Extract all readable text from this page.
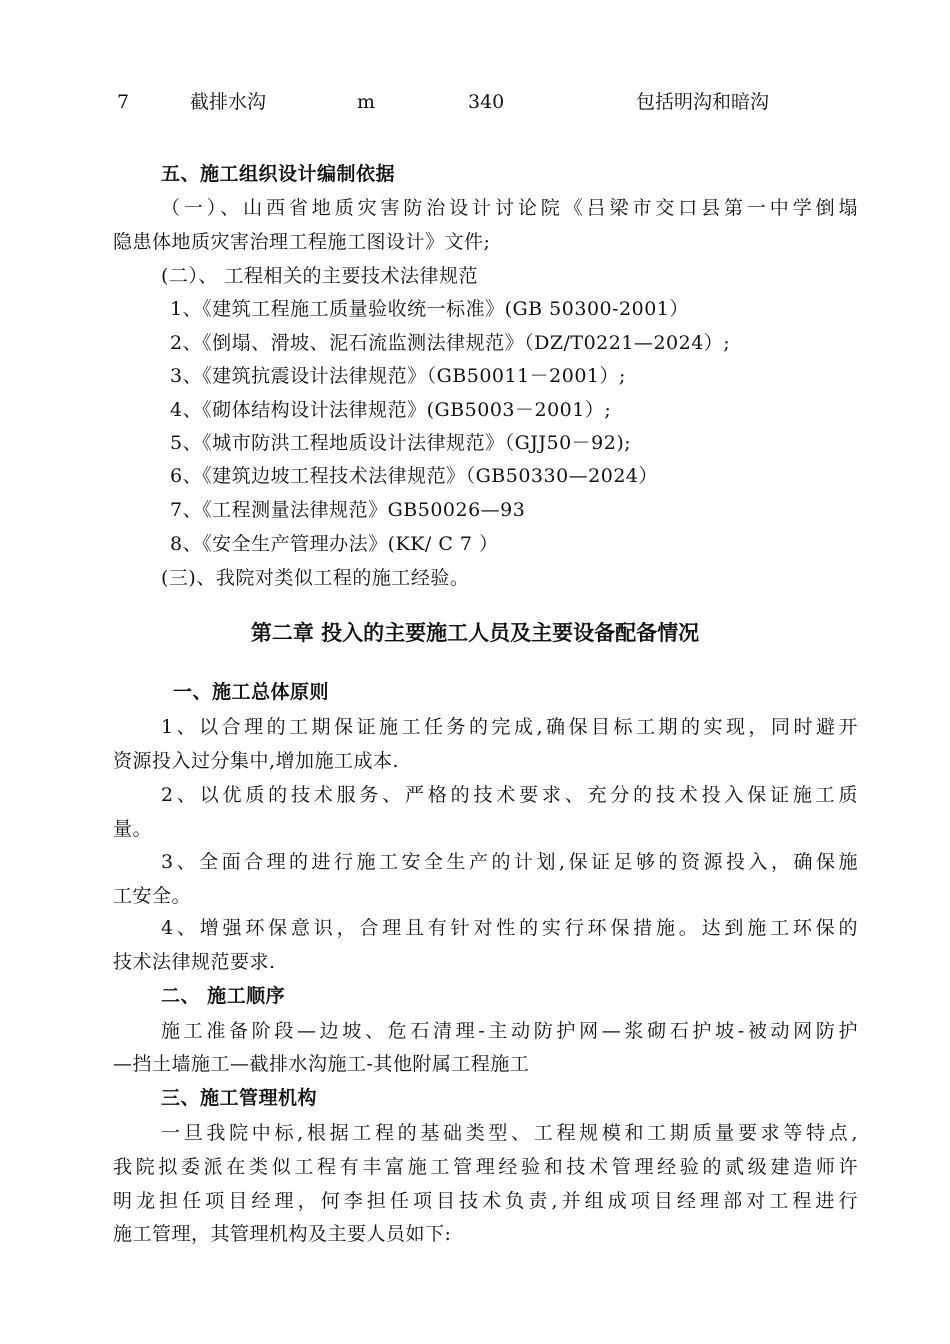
7	截排水沟	m	340	包括明沟和暗沟
五、施工组织设计编制依据
（一）、山西省地质灾害防治设计讨论院《吕梁市交口县第一中学倒塌
隐患体地质灾害治理工程施工图设计》文件;
(二）、 工程相关的主要技术法律规范
1、《建筑工程施工质量验收统一标准》(GB 50300-2001）
2、《倒塌、滑坡、泥石流监测法律规范》（DZ/T0221—2024）;
3、《建筑抗震设计法律规范》（GB50011－2001）;
4、《砌体结构设计法律规范》(GB5003－2001）;
5、《城市防洪工程地质设计法律规范》（GJJ50－92);
6、《建筑边坡工程技术法律规范》（GB50330—2024）
7、《工程测量法律规范》GB50026—93
8、《安全生产管理办法》(KK/ C 7 ）
(三)、我院对类似工程的施工经验。
第二章 投入的主要施工人员及主要设备配备情况
一、施工总体原则
1、以合理的工期保证施工任务的完成,确保目标工期的实现，同时避开
资源投入过分集中,增加施工成本.
2、以优质的技术服务、严格的技术要求、充分的技术投入保证施工质
量。
3、全面合理的进行施工安全生产的计划,保证足够的资源投入，确保施
工安全。
4、增强环保意识，合理且有针对性的实行环保措施。达到施工环保的
技术法律规范要求.
二、 施工顺序
施工准备阶段—边坡、危石清理-主动防护网—浆砌石护坡-被动网防护
—挡土墙施工—截排水沟施工-其他附属工程施工
三、施工管理机构
一旦我院中标,根据工程的基础类型、工程规模和工期质量要求等特点,
我院拟委派在类似工程有丰富施工管理经验和技术管理经验的贰级建造师许
明龙担任项目经理，何李担任项目技术负责,并组成项目经理部对工程进行
施工管理，其管理机构及主要人员如下:
